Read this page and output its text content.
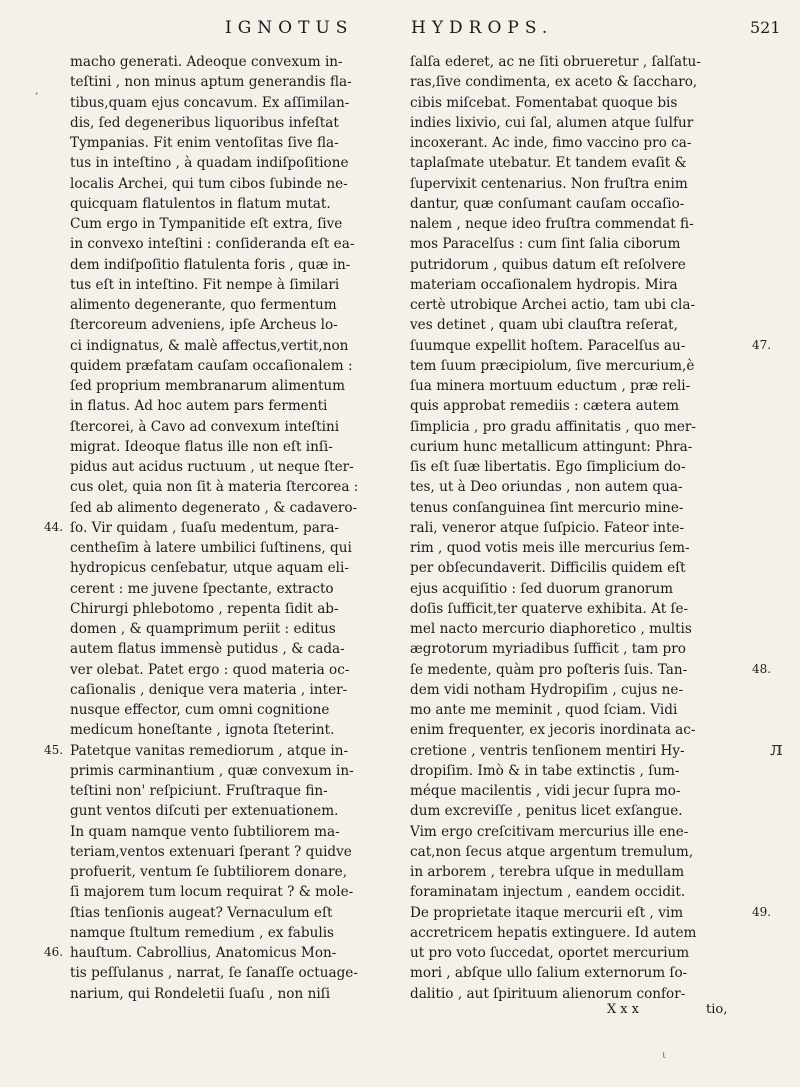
IGNOTUS	HYDROPS.	521
·
macho generati. Adeoque convexum in-
teſtini , non minus aptum generandis fla-
tibus,quam ejus concavum. Ex aſſimilan-
dis, ſed degeneribus liquoribus infeſtat
Tympanias. Fit enim ventoſitas ſive fla-
tus in inteſtino , à quadam indiſpoſitione
localis Archei, qui tum cibos ſubinde ne-
quicquam flatulentos in flatum mutat.
Cum ergo in Tympanitide eſt extra, ſive
in convexo inteſtini : conſideranda eſt ea-
dem indiſpoſitio flatulenta foris , quæ in-
tus eſt in inteſtino. Fit nempe à ſimilari
alimento degenerante, quo fermentum
ſtercoreum adveniens, ipſe Archeus lo-
ci indignatus, & malè affectus,vertit,non
quidem præfatam cauſam occaſionalem :
ſed proprium membranarum alimentum
in flatus. Ad hoc autem pars fermenti
ſtercorei, à Cavo ad convexum inteſtini
migrat. Ideoque flatus ille non eſt inſi-
pidus aut acidus ructuum , ut neque ſter-
cus olet, quia non ſit à materia ſtercorea :
ſed ab alimento degenerato , & cadavero-
ſo. Vir quidam , ſuaſu medentum, para-
centheſim à latere umbilici ſuſtinens, qui
hydropicus cenſebatur, utque aquam eli-
cerent : me juvene ſpectante, extracto
Chirurgi phlebotomo , repenta ſidit ab-
domen , & quamprimum periit : editus
autem flatus immensè putidus , & cada-
ver olebat. Patet ergo : quod materia oc-
caſionalis , denique vera materia , inter-
nusque effector, cum omni cognitione
medicum honeſtante , ignota ſteterint.
Patetque vanitas remediorum , atque in-
primis carminantium , quæ convexum in-
teſtini non' reſpiciunt. Fruſtraque fin-
gunt ventos diſcuti per extenuationem.
In quam namque vento ſubtiliorem ma-
teriam,ventos extenuari ſperant ? quidve
profuerit, ventum ſe ſubtiliorem donare,
ſi majorem tum locum requirat ? & mole-
ſtias tenſionis augeat? Vernaculum eſt
namque ſtultum remedium , ex fabulis
hauſtum. Cabrollius, Anatomicus Mon-
tis peſſulanus , narrat, ſe ſanaſſe octuage-
narium, qui Rondeletii ſuaſu , non niſi
ſalſa ederet, ac ne ſiti obrueretur , ſalſatu-
ras,ſive condimenta, ex aceto & ſaccharo,
cibis miſcebat. Fomentabat quoque bis
indies lixivio, cui ſal, alumen atque ſulfur
incoxerant. Ac inde, fimo vaccino pro ca-
taplaſmate utebatur. Et tandem evaſit &
ſupervixit centenarius. Non fruſtra enim
dantur, quæ conſumant cauſam occaſio-
nalem , neque ideo fruſtra commendat fi-
mos Paracelſus : cum ſint ſalia ciborum
putridorum , quibus datum eſt reſolvere
materiam occaſionalem hydropis. Mira
certè utrobique Archei actio, tam ubi cla-
ves detinet , quam ubi clauſtra reſerat,
ſuumque expellit hoſtem. Paracelſus au-
tem ſuum præcipiolum, ſive mercurium,è
ſua minera mortuum eductum , præ reli-
quis approbat remediis : cætera autem
ſimplicia , pro gradu affinitatis , quo mer-
curium hunc metallicum attingunt: Phra-
ſis eſt ſuæ libertatis. Ego ſimplicium do-
tes, ut à Deo oriundas , non autem qua-
tenus conſanguinea ſint mercurio mine-
rali, veneror atque ſuſpicio. Fateor inte-
rim , quod votis meis ille mercurius ſem-
per obſecundaverit. Difficilis quidem eſt
ejus acquiſitio : ſed duorum granorum
doſis ſufficit,ter quaterve exhibita. At ſe-
mel nacto mercurio diaphoretico , multis
ægrotorum myriadibus ſufficit , tam pro
ſe medente, quàm pro poſteris ſuis. Tan-
dem vidi notham Hydropiſim , cujus ne-
mo ante me meminit , quod ſciam. Vidi
enim frequenter, ex jecoris inordinata ac-
cretione , ventris tenſionem mentiri Hy-
dropiſim. Imò & in tabe extinctis , ſum-
méque macilentis , vidi jecur ſupra mo-
dum excreviſſe , penitus licet exſangue.
Vim ergo creſcitivam mercurius ille ene-
cat,non ſecus atque argentum tremulum,
in arborem , terebra uſque in medullam
foraminatam injectum , eandem occidit.
De proprietate itaque mercurii eſt , vim
accretricem hepatis extinguere. Id autem
ut pro voto ſuccedat, oportet mercurium
mori , abſque ullo ſalium externorum ſo-
dalitio , aut ſpirituum alienorum confor-
44.
45.
46.
47.
48.
49.
ᴫ
Xxx	tio,
ι
